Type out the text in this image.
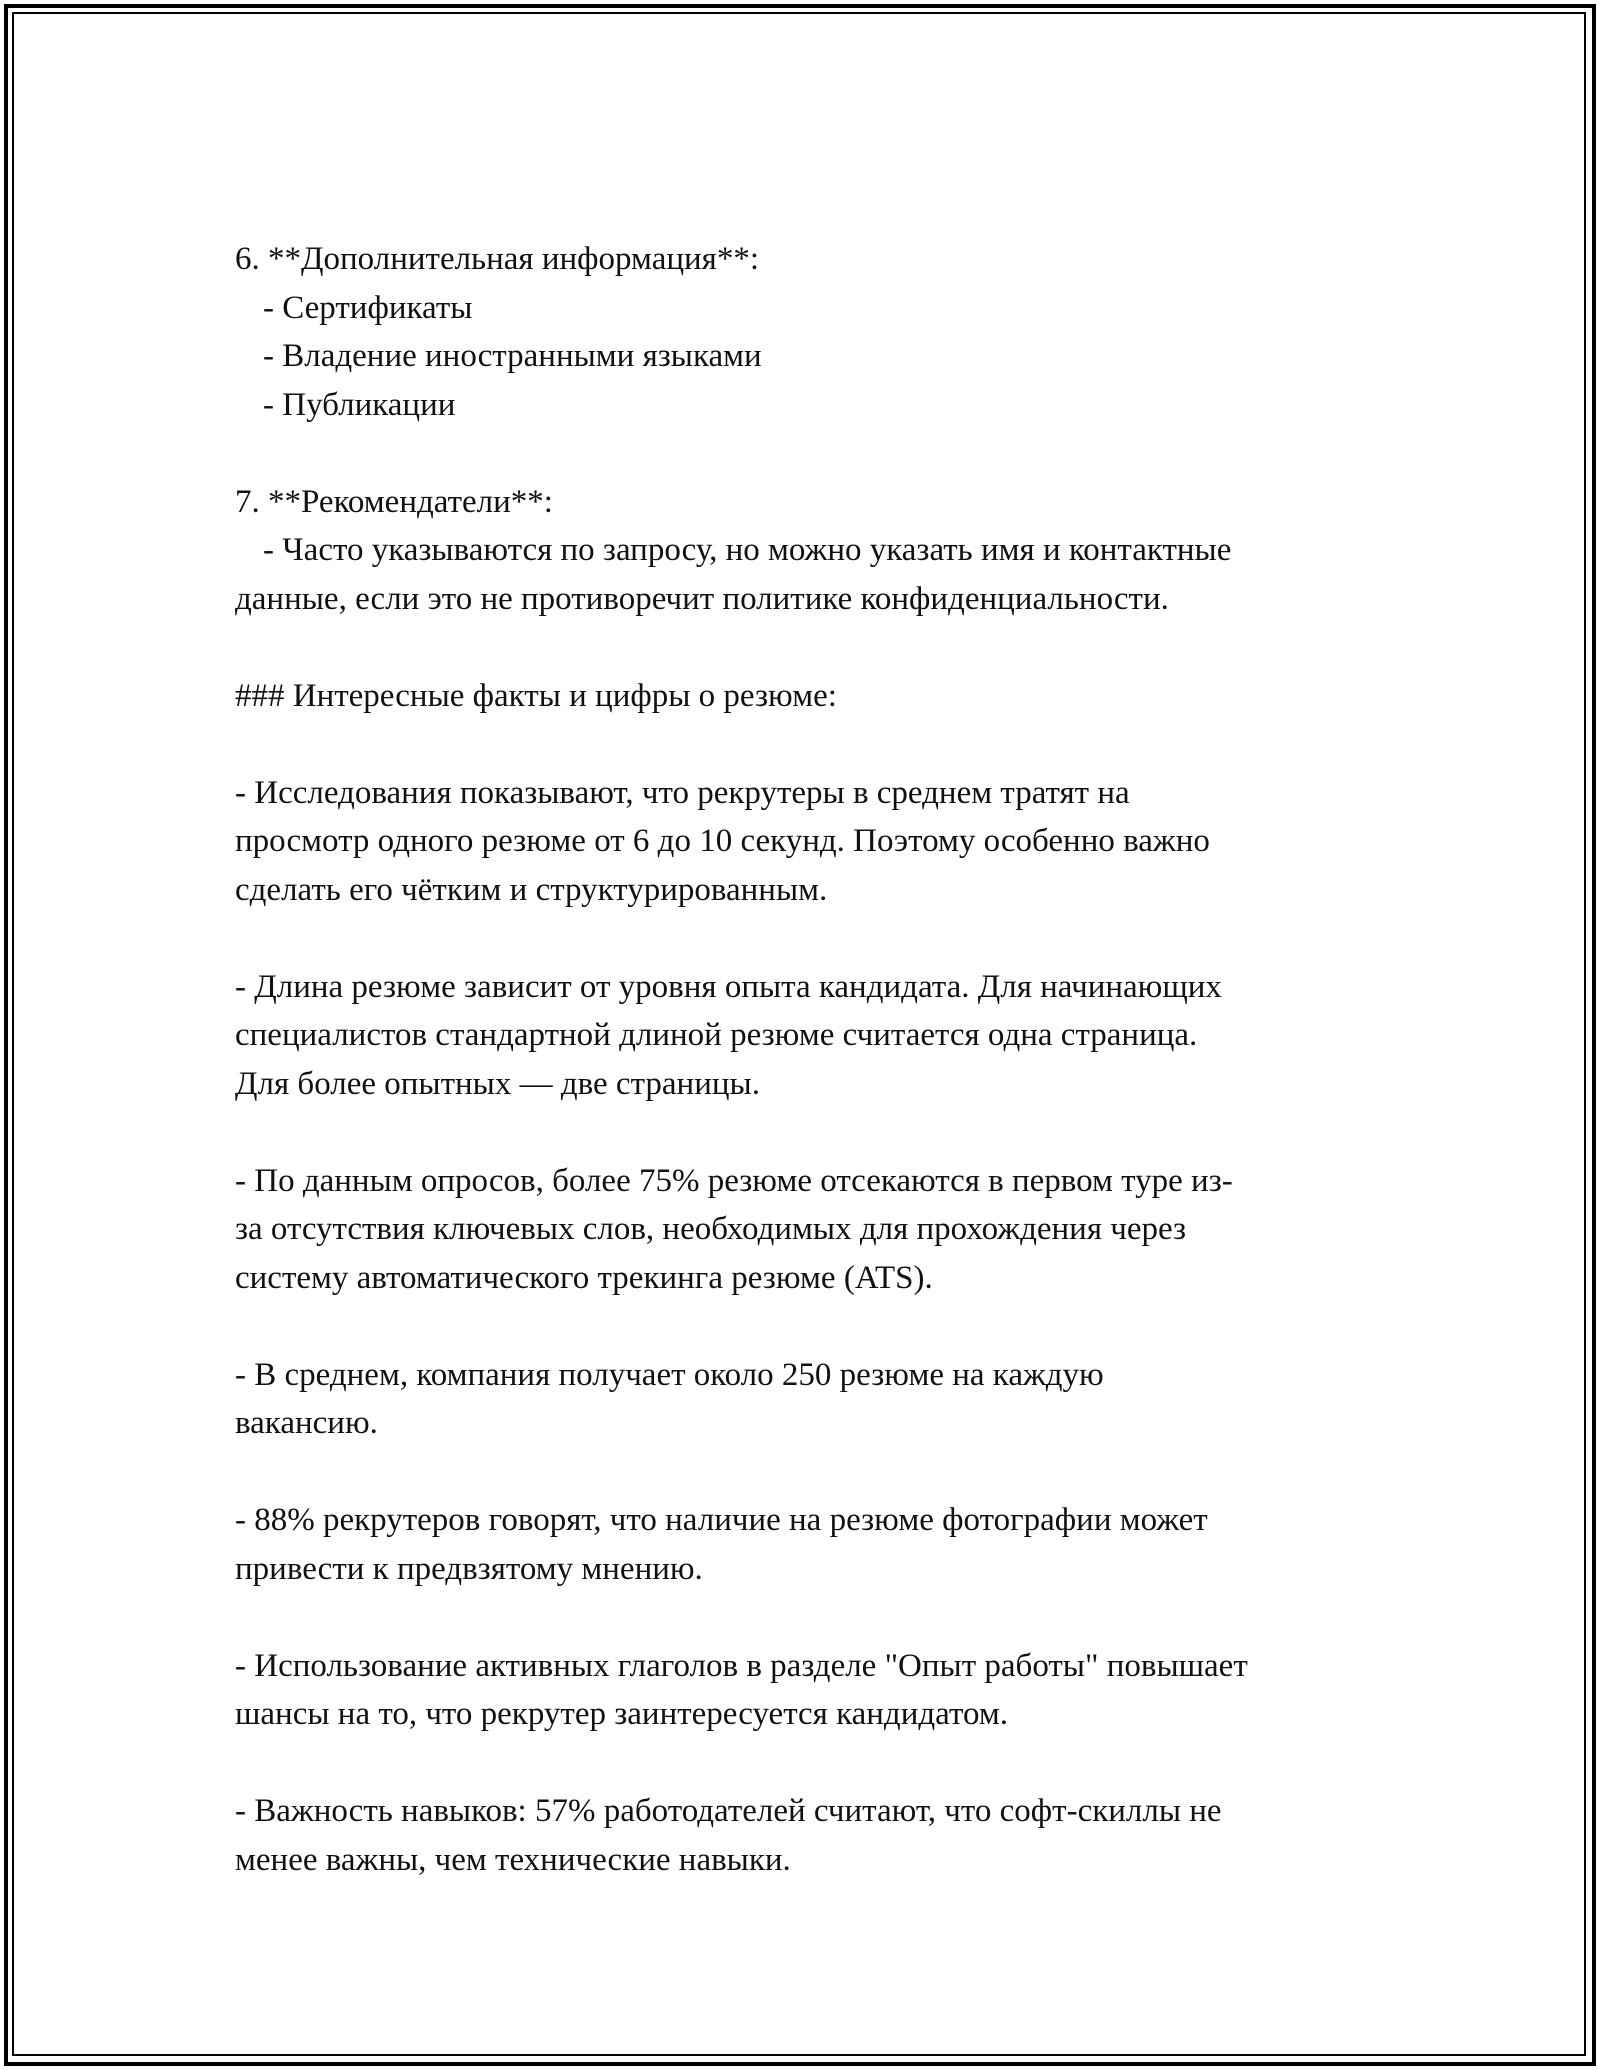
6. **Дополнительная информация**:
- Сертификаты
- Владение иностранными языками
- Публикации
7. **Рекомендатели**:
- Часто указываются по запросу, но можно указать имя и контактные
данные, если это не противоречит политике конфиденциальности.
### Интересные факты и цифры о резюме:
- Исследования показывают, что рекрутеры в среднем тратят на
просмотр одного резюме от 6 до 10 секунд. Поэтому особенно важно
сделать его чётким и структурированным.
- Длина резюме зависит от уровня опыта кандидата. Для начинающих
специалистов стандартной длиной резюме считается одна страница.
Для более опытных — две страницы.
- По данным опросов, более 75% резюме отсекаются в первом туре из-
за отсутствия ключевых слов, необходимых для прохождения через
систему автоматического трекинга резюме (ATS).
- В среднем, компания получает около 250 резюме на каждую
вакансию.
- 88% рекрутеров говорят, что наличие на резюме фотографии может
привести к предвзятому мнению.
- Использование активных глаголов в разделе "Опыт работы" повышает
шансы на то, что рекрутер заинтересуется кандидатом.
- Важность навыков: 57% работодателей считают, что софт-скиллы не
менее важны, чем технические навыки.
